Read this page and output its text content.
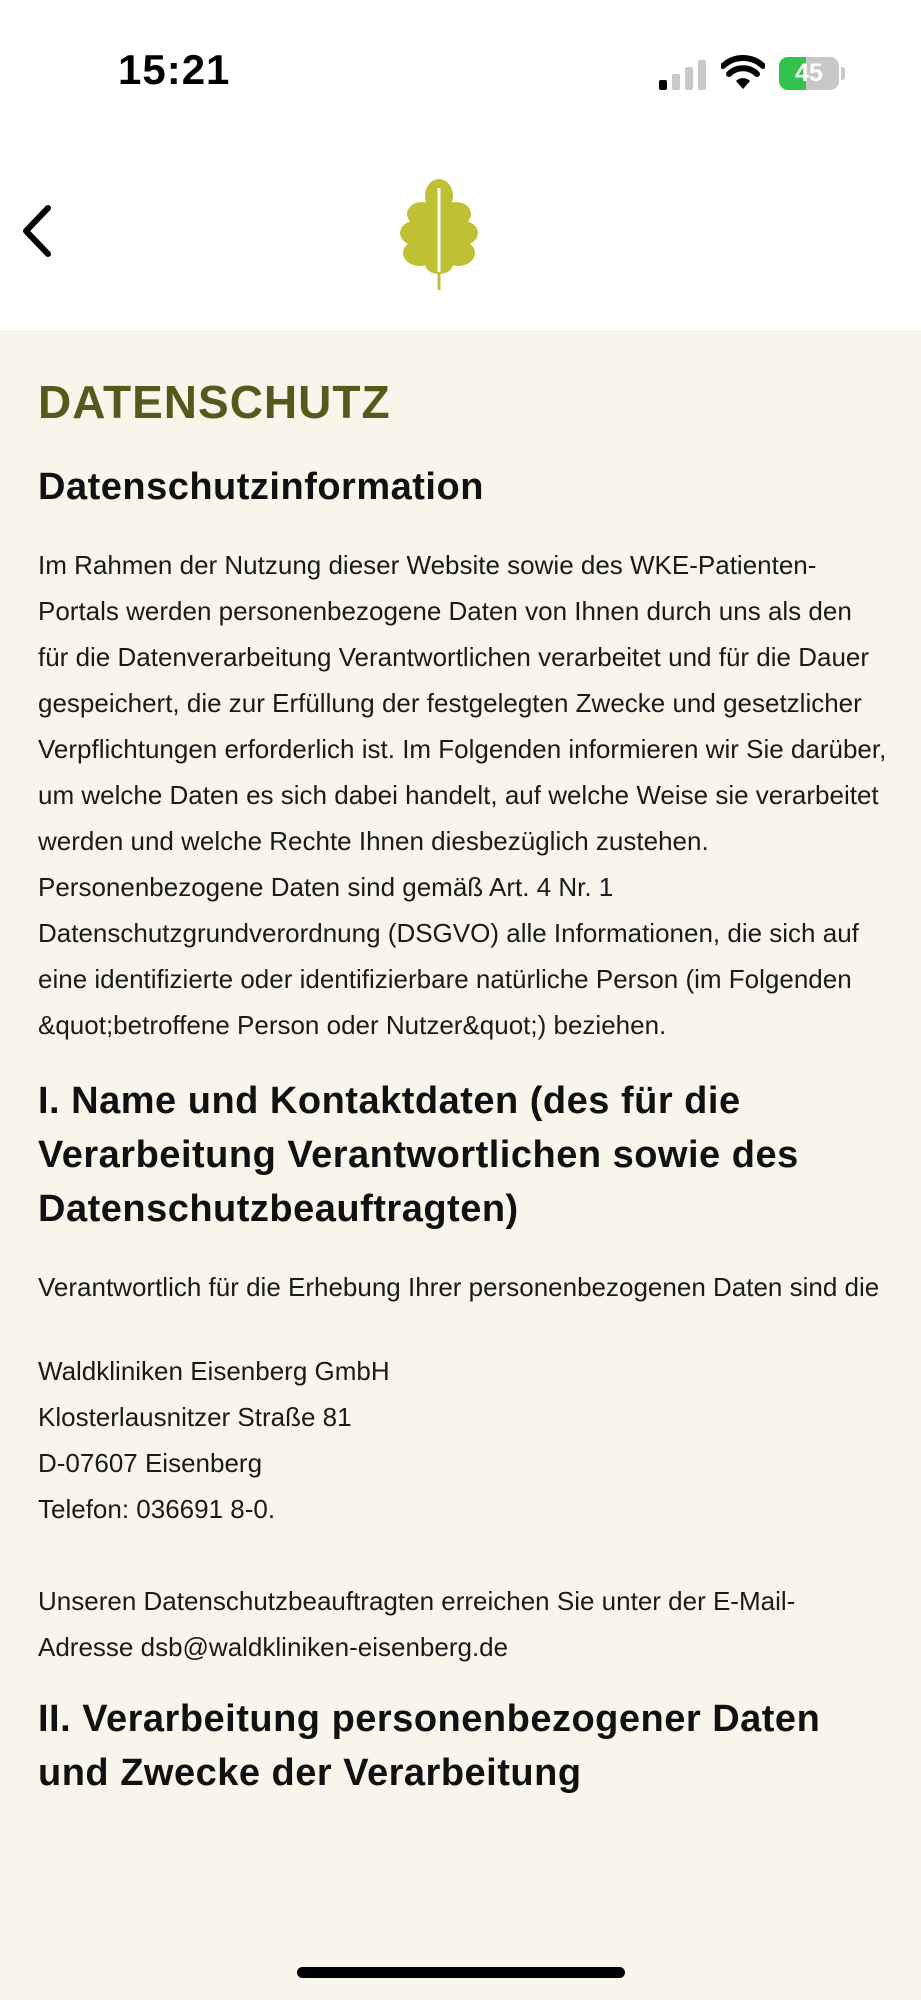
15:21	45
DATENSCHUTZ
Datenschutzinformation

Im Rahmen der Nutzung dieser Website sowie des WKE-Patienten-Portals werden personenbezogene Daten von Ihnen durch uns als den für die Datenverarbeitung Verantwortlichen verarbeitet und für die Dauer gespeichert, die zur Erfüllung der festgelegten Zwecke und gesetzlicher Verpflichtungen erforderlich ist. Im Folgenden informieren wir Sie darüber, um welche Daten es sich dabei handelt, auf welche Weise sie verarbeitet werden und welche Rechte Ihnen diesbezüglich zustehen. Personenbezogene Daten sind gemäß Art. 4 Nr. 1 Datenschutzgrundverordnung (DSGVO) alle Informationen, die sich auf eine identifizierte oder identifizierbare natürliche Person (im Folgenden &quot;betroffene Person oder Nutzer&quot;) beziehen.

I. Name und Kontaktdaten (des für die Verarbeitung Verantwortlichen sowie des Datenschutzbeauftragten)

Verantwortlich für die Erhebung Ihrer personenbezogenen Daten sind die

Waldkliniken Eisenberg GmbH
Klosterlausnitzer Straße 81
D-07607 Eisenberg
Telefon: 036691 8-0.

Unseren Datenschutzbeauftragten erreichen Sie unter der E-Mail-Adresse dsb@waldkliniken-eisenberg.de

II. Verarbeitung personenbezogener Daten und Zwecke der Verarbeitung
